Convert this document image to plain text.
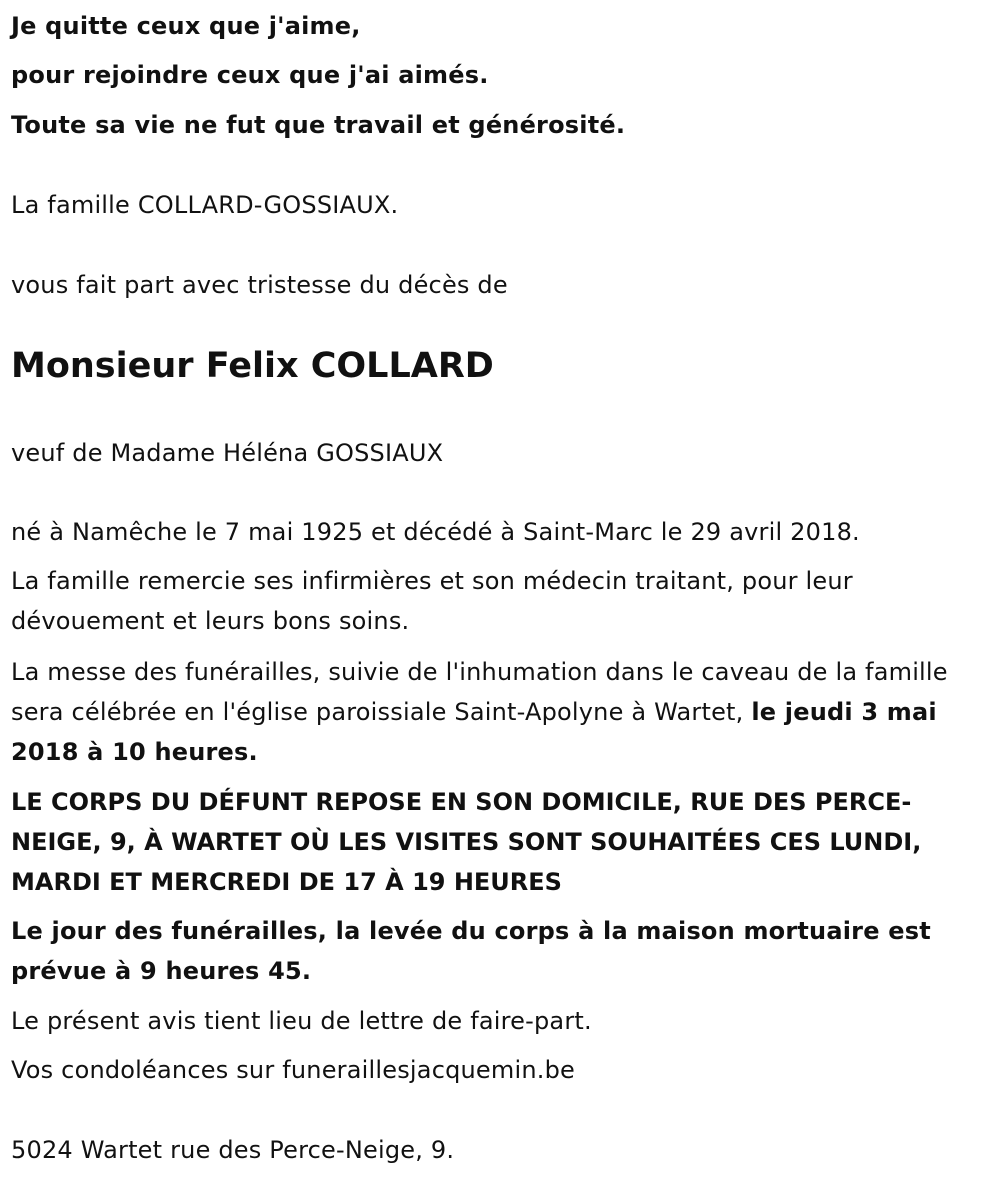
Je quitte ceux que j'aime,
pour rejoindre ceux que j'ai aimés.
Toute sa vie ne fut que travail et générosité.
La famille COLLARD-GOSSIAUX.
vous fait part avec tristesse du décès de
Monsieur Felix COLLARD
veuf de Madame Héléna GOSSIAUX
né à Namêche le 7 mai 1925 et décédé à Saint-Marc le 29 avril 2018.
La famille remercie ses infirmières et son médecin traitant, pour leur dévouement et leurs bons soins.
La messe des funérailles, suivie de l'inhumation dans le caveau de la famille sera célébrée en l'église paroissiale Saint-Apolyne à Wartet, le jeudi 3 mai 2018 à 10 heures.
LE CORPS DU DÉFUNT REPOSE EN SON DOMICILE, RUE DES PERCE-NEIGE, 9, À WARTET OÙ LES VISITES SONT SOUHAITÉES CES LUNDI, MARDI ET MERCREDI DE 17 À 19 HEURES
Le jour des funérailles, la levée du corps à la maison mortuaire est prévue à 9 heures 45.
Le présent avis tient lieu de lettre de faire-part.
Vos condoléances sur funeraillesjacquemin.be
5024 Wartet rue des Perce-Neige, 9.
